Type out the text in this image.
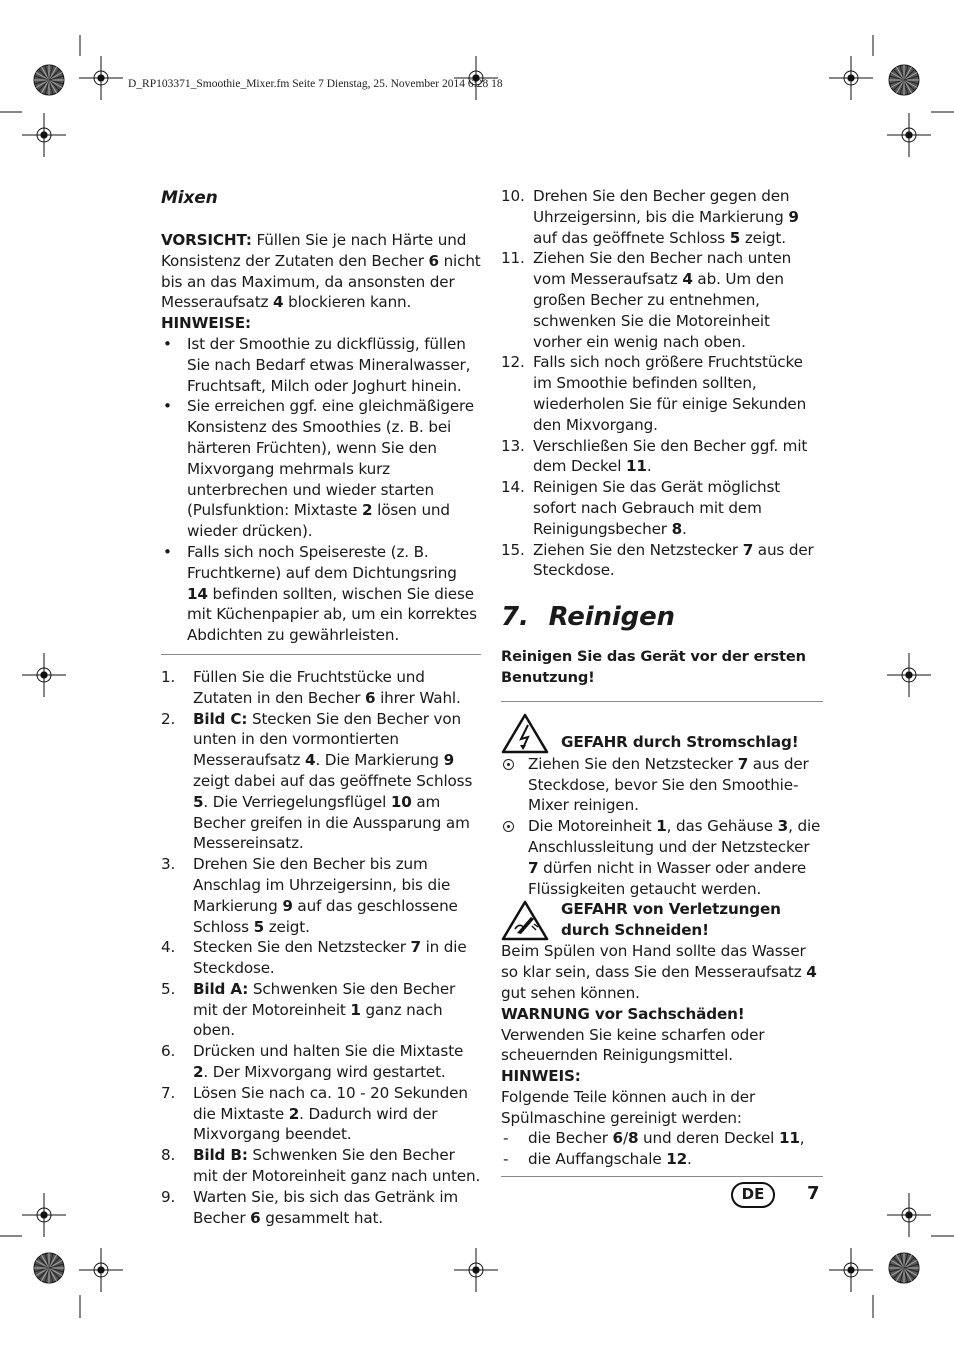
D_RP103371_Smoothie_Mixer.fm Seite 7 Dienstag, 25. November 2014 6:28 18
Mixen

VORSICHT: Füllen Sie je nach Härte und Konsistenz der Zutaten den Becher 6 nicht bis an das Maximum, da ansonsten der Messeraufsatz 4 blockieren kann.

HINWEISE:

• Ist der Smoothie zu dickflüssig, füllen Sie nach Bedarf etwas Mineralwasser, Fruchtsaft, Milch oder Joghurt hinein.
• Sie erreichen ggf. eine gleichmäßigere Konsistenz des Smoothies (z. B. bei härteren Früchten), wenn Sie den Mixvorgang mehrmals kurz unterbrechen und wieder starten (Pulsfunktion: Mixtaste 2 lösen und wieder drücken).
• Falls sich noch Speisereste (z. B. Fruchtkerne) auf dem Dichtungsring 14 befinden sollten, wischen Sie diese mit Küchenpapier ab, um ein korrektes Abdichten zu gewährleisten.
1. Füllen Sie die Fruchtstücke und Zutaten in den Becher 6 ihrer Wahl.
2. Bild C: Stecken Sie den Becher von unten in den vormontierten Messeraufsatz 4. Die Markierung 9 zeigt dabei auf das geöffnete Schloss 5. Die Verriegelungsflügel 10 am Becher greifen in die Aussparung am Messereinsatz.
3. Drehen Sie den Becher bis zum Anschlag im Uhrzeigersinn, bis die Markierung 9 auf das geschlossene Schloss 5 zeigt.
4. Stecken Sie den Netzstecker 7 in die Steckdose.
5. Bild A: Schwenken Sie den Becher mit der Motoreinheit 1 ganz nach oben.
6. Drücken und halten Sie die Mixtaste 2. Der Mixvorgang wird gestartet.
7. Lösen Sie nach ca. 10 - 20 Sekunden die Mixtaste 2. Dadurch wird der Mixvorgang beendet.
8. Bild B: Schwenken Sie den Becher mit der Motoreinheit ganz nach unten.
9. Warten Sie, bis sich das Getränk im Becher 6 gesammelt hat.
10. Drehen Sie den Becher gegen den Uhrzeigersinn, bis die Markierung 9 auf das geöffnete Schloss 5 zeigt.
11. Ziehen Sie den Becher nach unten vom Messeraufsatz 4 ab. Um den großen Becher zu entnehmen, schwenken Sie die Motoreinheit vorher ein wenig nach oben.
12. Falls sich noch größere Fruchtstücke im Smoothie befinden sollten, wiederholen Sie für einige Sekunden den Mixvorgang.
13. Verschließen Sie den Becher ggf. mit dem Deckel 11.
14. Reinigen Sie das Gerät möglichst sofort nach Gebrauch mit dem Reinigungsbecher 8.
15. Ziehen Sie den Netzstecker 7 aus der Steckdose.
7. Reinigen

Reinigen Sie das Gerät vor der ersten Benutzung!

GEFAHR durch Stromschlag!

Ziehen Sie den Netzstecker 7 aus der Steckdose, bevor Sie den Smoothie-Mixer reinigen.
Die Motoreinheit 1, das Gehäuse 3, die Anschlussleitung und der Netzstecker 7 dürfen nicht in Wasser oder andere Flüssigkeiten getaucht werden.

GEFAHR von Verletzungen durch Schneiden!

Beim Spülen von Hand sollte das Wasser so klar sein, dass Sie den Messeraufsatz 4 gut sehen können.

WARNUNG vor Sachschäden!

Verwenden Sie keine scharfen oder scheuernden Reinigungsmittel.

HINWEIS:

Folgende Teile können auch in der Spülmaschine gereinigt werden:

- die Becher 6/8 und deren Deckel 11,
- die Auffangschale 12.
DE	7
